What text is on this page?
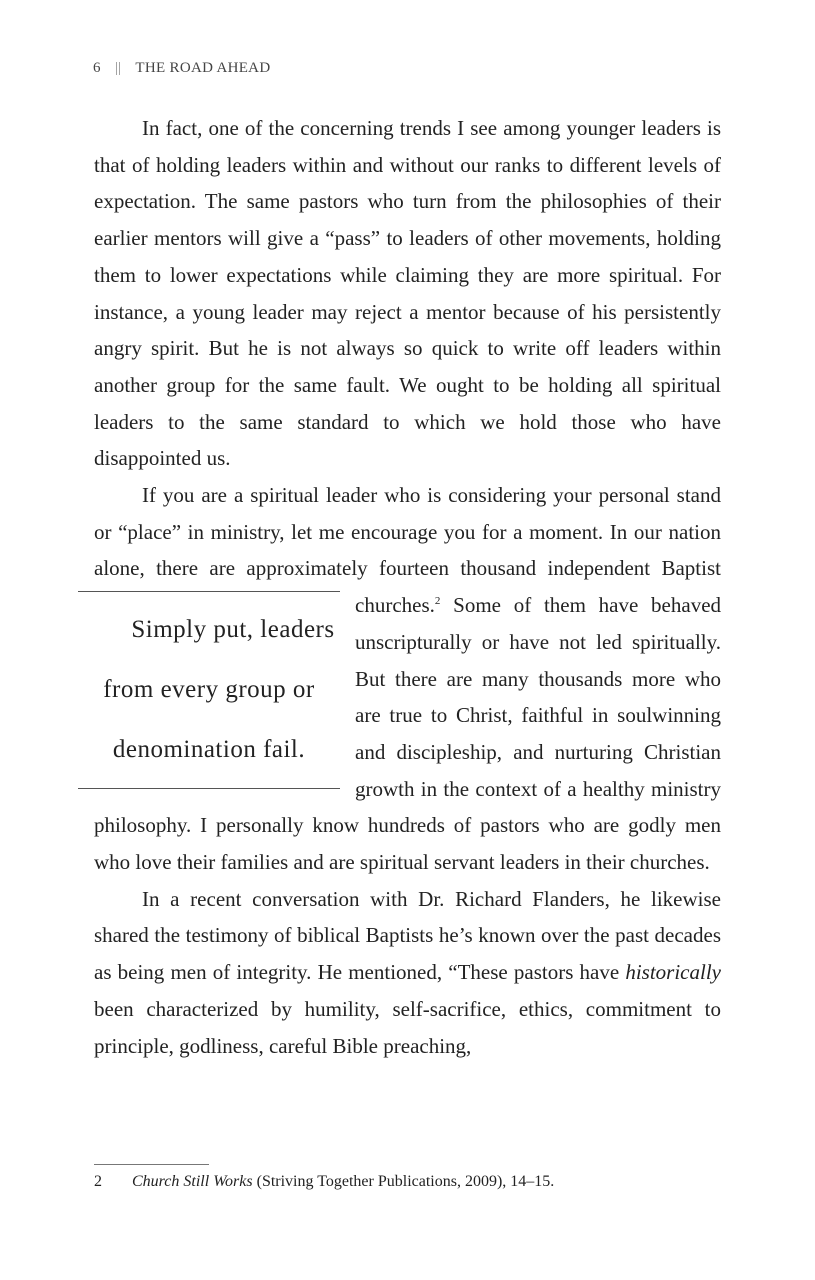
6 || THE ROAD AHEAD

In fact, one of the concerning trends I see among younger leaders is that of holding leaders within and without our ranks to different levels of expectation. The same pastors who turn from the philosophies of their earlier mentors will give a “pass” to leaders of other movements, holding them to lower expectations while claiming they are more spiritual. For instance, a young leader may reject a mentor because of his persistently angry spirit. But he is not always so quick to write off leaders within another group for the same fault. We ought to be holding all spiritual leaders to the same standard to which we hold those who have disappointed us.

If you are a spiritual leader who is considering your personal stand or “place” in ministry, let me encourage you for a moment. In our nation alone, there are approximately fourteen thousand independent Baptist churches.$^2$
Simply put, leaders from every group or denomination fail.
Some of them have behaved unscripturally or have not led spiritually. But there are many thousands more who are true to Christ, faithful in soulwinning and discipleship, and nurturing Christian growth in the context of a healthy ministry philosophy. I personally know hundreds of pastors who are godly men who love their families and are spiritual servant leaders in their churches.

In a recent conversation with Dr. Richard Flanders, he likewise shared the testimony of biblical Baptists he’s known over the past decades as being men of integrity. He mentioned, “These pastors have historically been characterized by humility, self-sacrifice, ethics, commitment to principle, godliness, careful Bible preaching,

2 Church Still Works (Striving Together Publications, 2009), 14–15.
